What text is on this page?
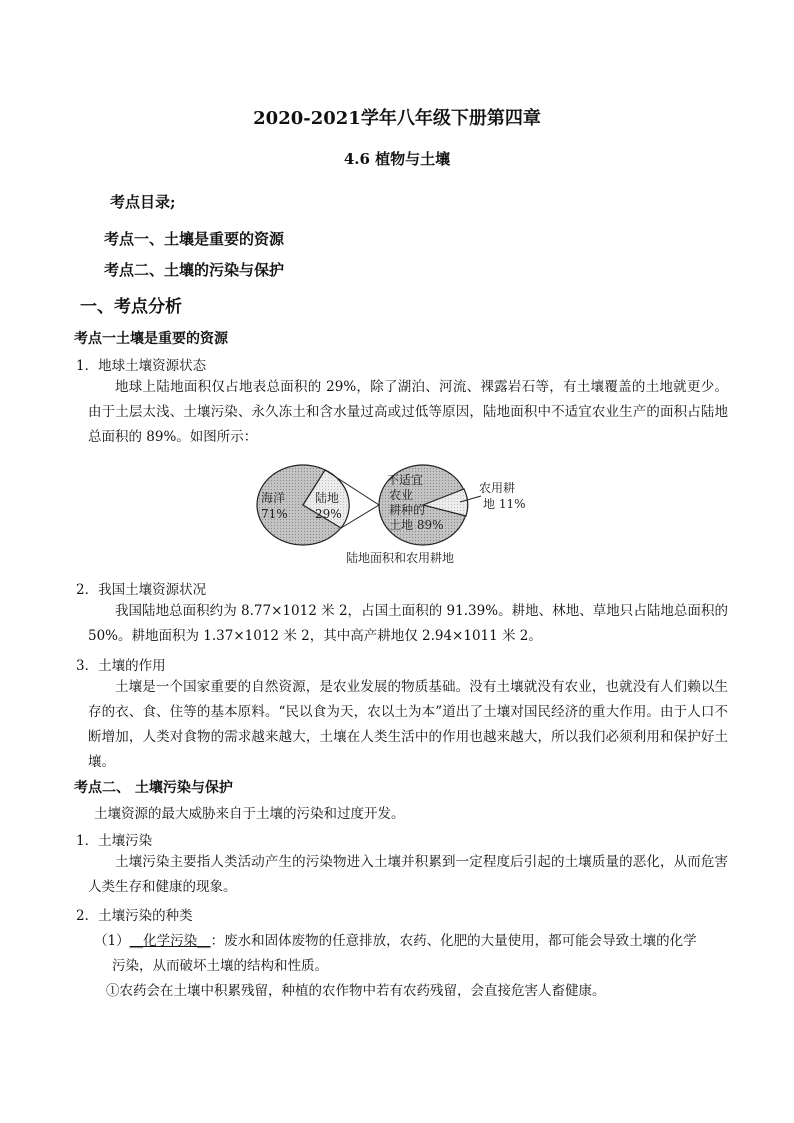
2020-2021学年八年级下册第四章
4.6 植物与土壤
考点目录;
考点一、土壤是重要的资源
考点二、土壤的污染与保护
一、考点分析
考点一土壤是重要的资源
1．地球土壤资源状态

地球上陆地面积仅占地表总面积的 29%，除了湖泊、河流、裸露岩石等，有土壤覆盖的土地就更少。由于土层太浅、土壤污染、永久冻土和含水量过高或过低等原因，陆地面积中不适宜农业生产的面积占陆地总面积的 89%。如图所示：

海洋
71%
陆地
29%
不适宜
农业
耕种的
土地 89%
农用耕
地 11%
陆地面积和农用耕地
2．我国土壤资源状况

我国陆地总面积约为 8.77×1012 米 2，占国土面积的 91.39%。耕地、林地、草地只占陆地总面积的 50%。耕地面积为 1.37×1012 米 2，其中高产耕地仅 2.94×1011 米 2。

3．土壤的作用

土壤是一个国家重要的自然资源，是农业发展的物质基础。没有土壤就没有农业，也就没有人们赖以生存的衣、食、住等的基本原料。“民以食为天，农以土为本”道出了土壤对国民经济的重大作用。由于人口不断增加，人类对食物的需求越来越大，土壤在人类生活中的作用也越来越大，所以我们必须利用和保护好土壤。

考点二、 土壤污染与保护
土壤资源的最大威胁来自于土壤的污染和过度开发。
1．土壤污染

土壤污染主要指人类活动产生的污染物进入土壤并积累到一定程度后引起的土壤质量的恶化，从而危害人类生存和健康的现象。

2．土壤污染的种类
（1）__化学污染__：废水和固体废物的任意排放，农药、化肥的大量使用，都可能会导致土壤的化学
污染，从而破坏土壤的结构和性质。
①农药会在土壤中积累残留，种植的农作物中若有农药残留，会直接危害人畜健康。
